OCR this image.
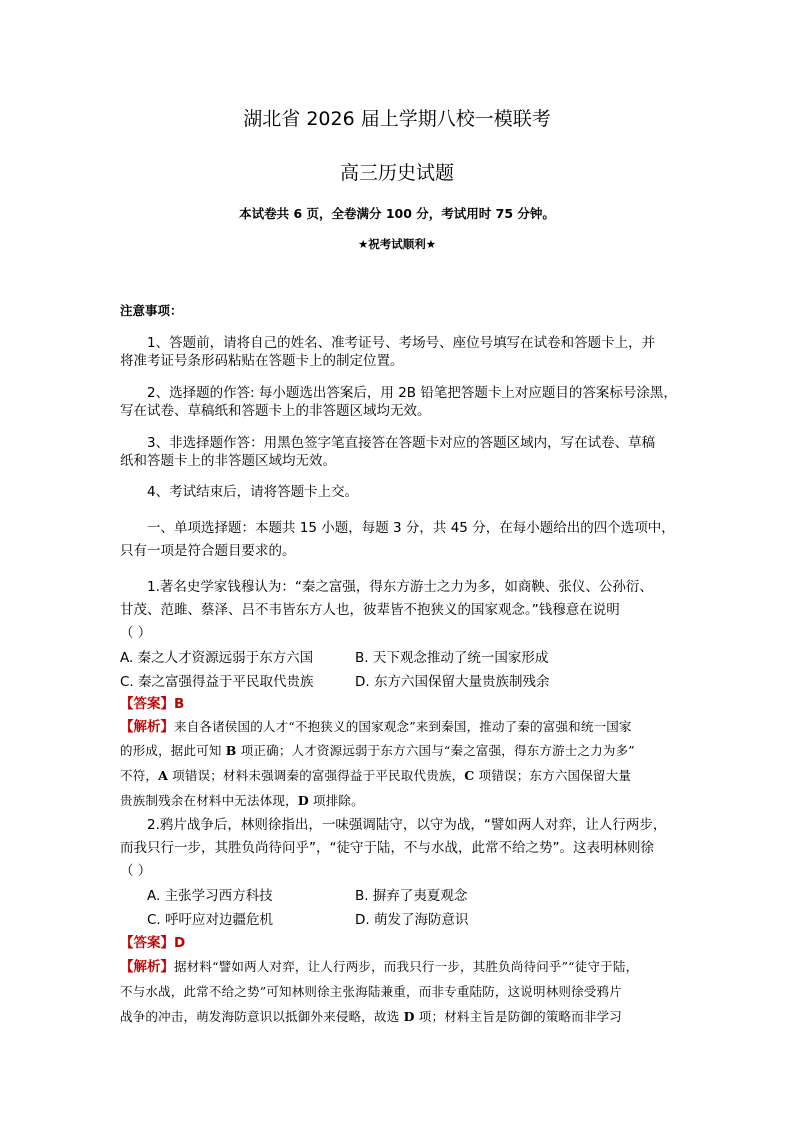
湖北省 2026 届上学期八校一模联考
高三历史试题
本试卷共 6 页，全卷满分 100 分，考试用时 75 分钟。
★祝考试顺利★
注意事项：
1、答题前，请将自己的姓名、准考证号、考场号、座位号填写在试卷和答题卡上，并
将准考证号条形码粘贴在答题卡上的制定位置。
2、选择题的作答: 每小题选出答案后，用 2B 铅笔把答题卡上对应题目的答案标号涂黑，
写在试卷、草稿纸和答题卡上的非答题区域均无效。
3、非选择题作答：用黑色签字笔直接答在答题卡对应的答题区域内，写在试卷、草稿
纸和答题卡上的非答题区域均无效。
4、考试结束后，请将答题卡上交。
一、单项选择题：本题共 15 小题，每题 3 分，共 45 分，在每小题给出的四个选项中，
只有一项是符合题目要求的。
1.著名史学家钱穆认为：“秦之富强，得东方游士之力为多，如商鞅、张仪、公孙衍、
甘茂、范雎、蔡泽、吕不韦皆东方人也，彼辈皆不抱狭义的国家观念。”钱穆意在说明
（ ）
A. 秦之人才资源远弱于东方六国	B. 天下观念推动了统一国家形成
C. 秦之富强得益于平民取代贵族	D. 东方六国保留大量贵族制残余
【答案】B
【解析】来自各诸侯国的人才“不抱狭义的国家观念”来到秦国，推动了秦的富强和统一国家
的形成，据此可知 B 项正确；人才资源远弱于东方六国与“秦之富强，得东方游士之力为多”
不符，A 项错误；材料未强调秦的富强得益于平民取代贵族，C 项错误；东方六国保留大量
贵族制残余在材料中无法体现，D 项排除。
2.鸦片战争后，林则徐指出，一味强调陆守，以守为战，“譬如两人对弈，让人行两步，
而我只行一步，其胜负尚待问乎”，“徒守于陆，不与水战，此常不给之势”。这表明林则徐
（ ）
A. 主张学习西方科技	B. 摒弃了夷夏观念
C. 呼吁应对边疆危机	D. 萌发了海防意识
【答案】D
【解析】据材料“譬如两人对弈，让人行两步，而我只行一步，其胜负尚待问乎”“徒守于陆，
不与水战，此常不给之势”可知林则徐主张海陆兼重，而非专重陆防，这说明林则徐受鸦片
战争的冲击，萌发海防意识以抵御外来侵略，故选 D 项；材料主旨是防御的策略而非学习
